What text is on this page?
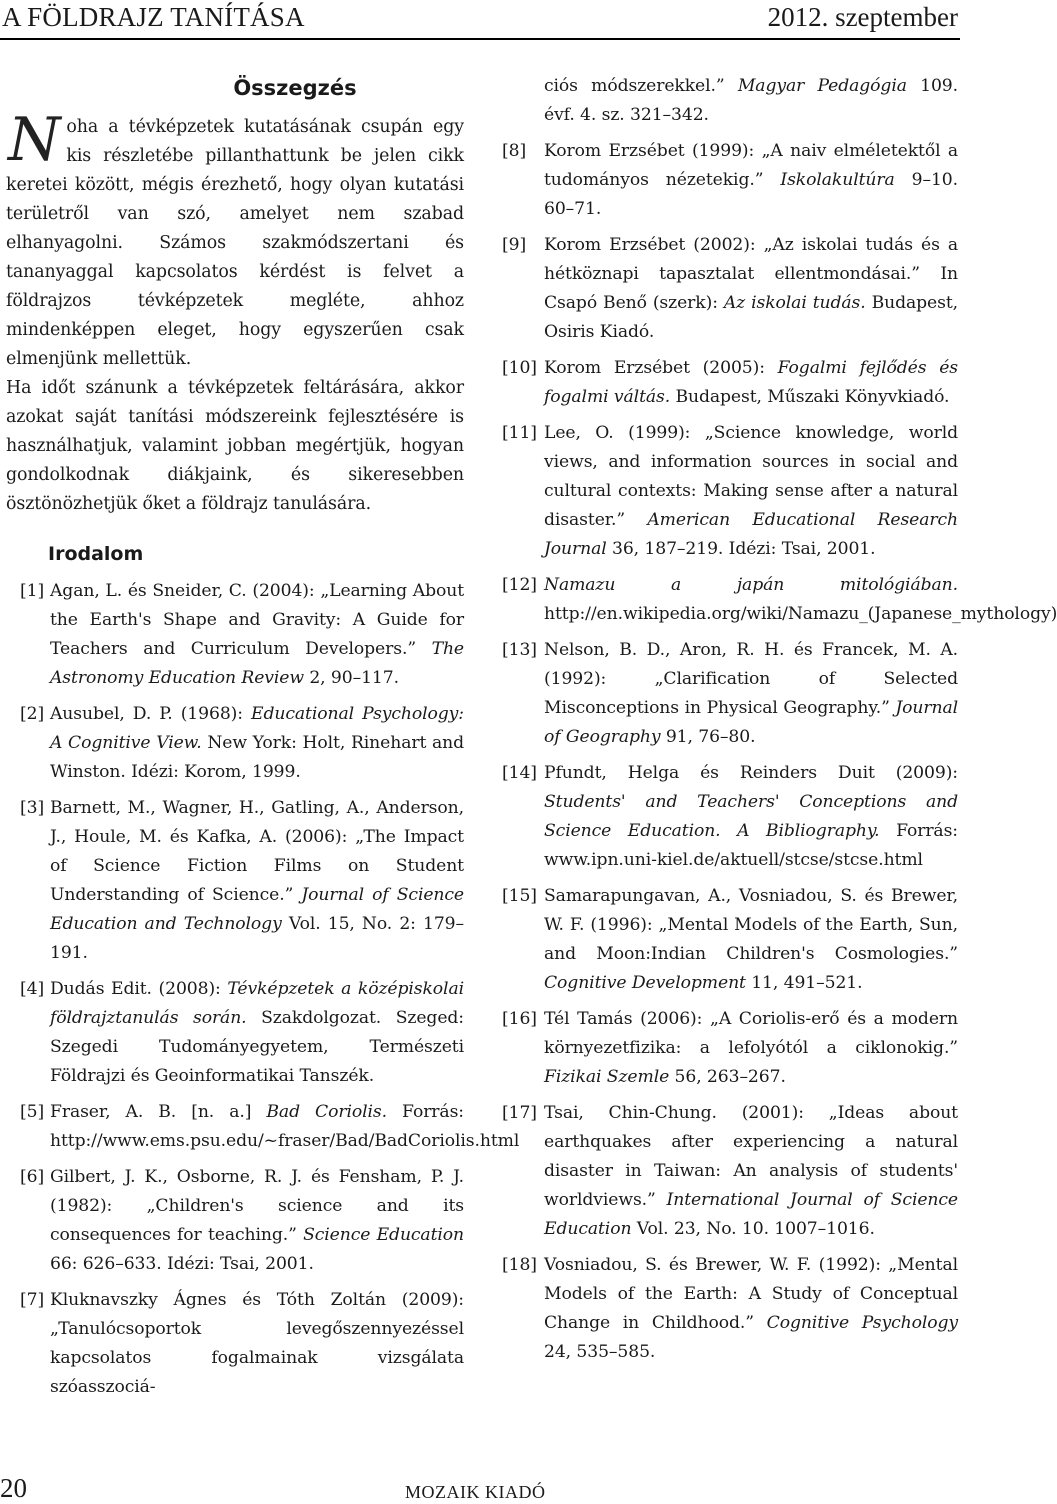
A FÖLDRAJZ TANÍTÁSA	2012. szeptember
Összegzés

Noha a tévképzetek kutatásának csupán egy kis részletébe pillanthattunk be jelen cikk keretei között, mégis érezhető, hogy olyan kutatási területről van szó, amelyet nem szabad elhanyagolni. Számos szakmódszertani és tananyaggal kapcsolatos kérdést is felvet a földrajzos tévképzetek megléte, ahhoz mindenképpen eleget, hogy egyszerűen csak elmenjünk mellettük.

Ha időt szánunk a tévképzetek feltárására, akkor azokat saját tanítási módszereink fejlesztésére is használhatjuk, valamint jobban megértjük, hogyan gondolkodnak diákjaink, és sikeresebben ösztönözhetjük őket a földrajz tanulására.

Irodalom
[1] Agan, L. és Sneider, C. (2004): „Learning About the Earth's Shape and Gravity: A Guide for Teachers and Curriculum Developers.” The Astronomy Education Review 2, 90–117.
[2] Ausubel, D. P. (1968): Educational Psychology: A Cognitive View. New York: Holt, Rinehart and Winston. Idézi: Korom, 1999.
[3] Barnett, M., Wagner, H., Gatling, A., Anderson, J., Houle, M. és Kafka, A. (2006): „The Impact of Science Fiction Films on Student Understanding of Science.” Journal of Science Education and Technology Vol. 15, No. 2: 179–191.
[4] Dudás Edit. (2008): Tévképzetek a középiskolai földrajztanulás során. Szakdolgozat. Szeged: Szegedi Tudományegyetem, Természeti Földrajzi és Geoinformatikai Tanszék.
[5] Fraser, A. B. [n. a.] Bad Coriolis. Forrás: http://www.ems.psu.edu/~fraser/Bad/BadCoriolis.html
[6] Gilbert, J. K., Osborne, R. J. és Fensham, P. J. (1982): „Children's science and its consequences for teaching.” Science Education 66: 626–633. Idézi: Tsai, 2001.
[7] Kluknavszky Ágnes és Tóth Zoltán (2009): „Tanulócsoportok levegőszennyezéssel kapcsolatos fogalmainak vizsgálata szóasszociá-
ciós módszerekkel.” Magyar Pedagógia 109. évf. 4. sz. 321–342.
[8] Korom Erzsébet (1999): „A naiv elméletektől a tudományos nézetekig.” Iskolakultúra 9–10. 60–71.
[9] Korom Erzsébet (2002): „Az iskolai tudás és a hétköznapi tapasztalat ellentmondásai.” In Csapó Benő (szerk): Az iskolai tudás. Budapest, Osiris Kiadó.
[10] Korom Erzsébet (2005): Fogalmi fejlődés és fogalmi váltás. Budapest, Műszaki Könyvkiadó.
[11] Lee, O. (1999): „Science knowledge, world views, and information sources in social and cultural contexts: Making sense after a natural disaster.” American Educational Research Journal 36, 187–219. Idézi: Tsai, 2001.
[12] Namazu a japán mitológiában. http://en.wikipedia.org/wiki/Namazu_(Japanese_mythology)
[13] Nelson, B. D., Aron, R. H. és Francek, M. A. (1992): „Clarification of Selected Misconceptions in Physical Geography.” Journal of Geography 91, 76–80.
[14] Pfundt, Helga és Reinders Duit (2009): Students' and Teachers' Conceptions and Science Education. A Bibliography. Forrás: www.ipn.uni-kiel.de/aktuell/stcse/stcse.html
[15] Samarapungavan, A., Vosniadou, S. és Brewer, W. F. (1996): „Mental Models of the Earth, Sun, and Moon:Indian Children's Cosmologies.” Cognitive Development 11, 491–521.
[16] Tél Tamás (2006): „A Coriolis-erő és a modern környezetfizika: a lefolyótól a ciklonokig.” Fizikai Szemle 56, 263–267.
[17] Tsai, Chin-Chung. (2001): „Ideas about earthquakes after experiencing a natural disaster in Taiwan: An analysis of students' worldviews.” International Journal of Science Education Vol. 23, No. 10. 1007–1016.
[18] Vosniadou, S. és Brewer, W. F. (1992): „Mental Models of the Earth: A Study of Conceptual Change in Childhood.” Cognitive Psychology 24, 535–585.
20	MOZAIK KIADÓ
